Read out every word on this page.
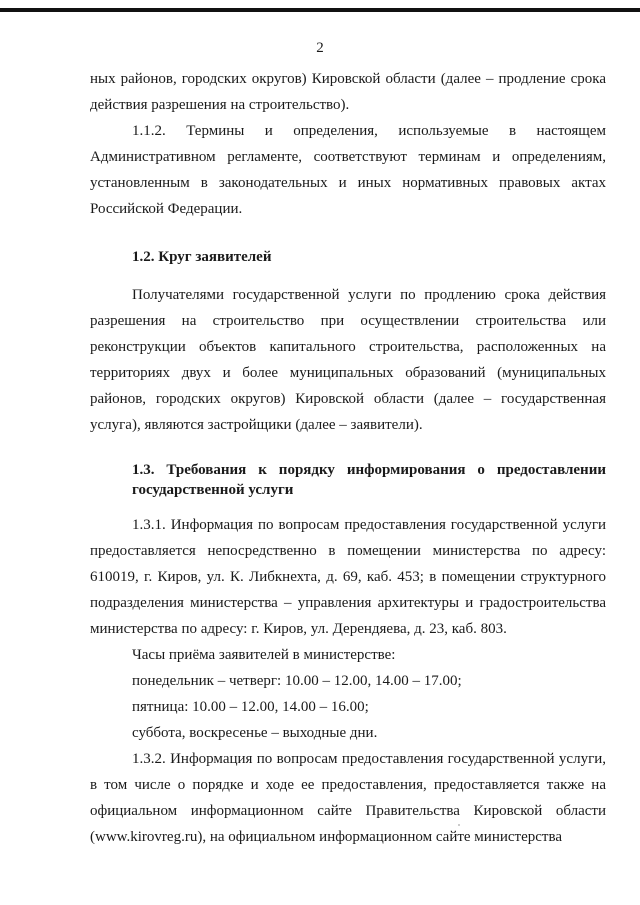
2

ных районов, городских округов) Кировской области (далее – продление срока действия разрешения на строительство).

1.1.2. Термины и определения, используемые в настоящем Административном регламенте, соответствуют терминам и определениям, установленным в законодательных и иных нормативных правовых актах Российской Федерации.

1.2. Круг заявителей

Получателями государственной услуги по продлению срока действия разрешения на строительство при осуществлении строительства или реконструкции объектов капитального строительства, расположенных на территориях двух и более муниципальных образований (муниципальных районов, городских округов) Кировской области (далее – государственная услуга), являются застройщики (далее – заявители).

1.3. Требования к порядку информирования о предоставлении государственной услуги

1.3.1. Информация по вопросам предоставления государственной услуги предоставляется непосредственно в помещении министерства по адресу: 610019, г. Киров, ул. К. Либкнехта, д. 69, каб. 453; в помещении структурного подразделения министерства – управления архитектуры и градостроительства министерства по адресу: г. Киров, ул. Дерендяева, д. 23, каб. 803.

Часы приёма заявителей в министерстве:

понедельник – четверг: 10.00 – 12.00, 14.00 – 17.00;

пятница: 10.00 – 12.00, 14.00 – 16.00;

суббота, воскресенье – выходные дни.

1.3.2. Информация по вопросам предоставления государственной услуги, в том числе о порядке и ходе ее предоставления, предоставляется также на официальном информационном сайте Правительства Кировской области (www.kirovreg.ru), на официальном информационном сайте министерства
